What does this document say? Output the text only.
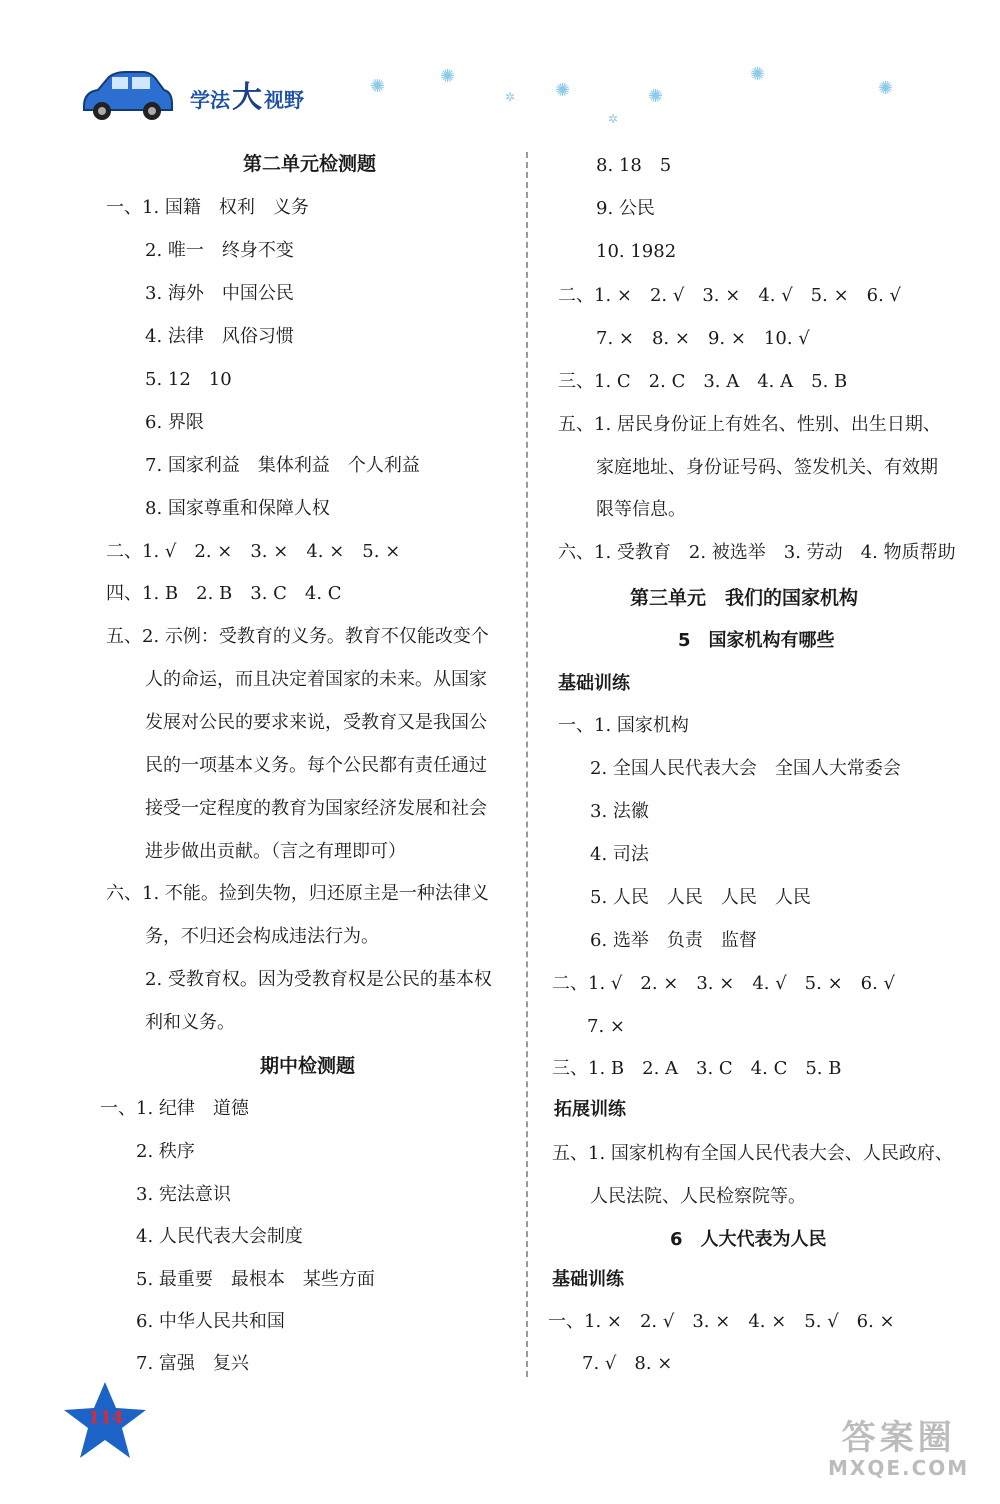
学法大 视野
✺	✺
✲ ✺	✺
✺
✺
✲
第二单元检测题
一、1. 国籍　权利　义务
2. 唯一　终身不变
3. 海外　中国公民
4. 法律　风俗习惯
5. 12　10
6. 界限
7. 国家利益　集体利益　个人利益
8. 国家尊重和保障人权
二、1. √　2. ×　3. ×　4. ×　5. ×
四、1. B　2. B　3. C　4. C
五、2. 示例：受教育的义务。教育不仅能改变个
人的命运，而且决定着国家的未来。从国家
发展对公民的要求来说，受教育又是我国公
民的一项基本义务。每个公民都有责任通过
接受一定程度的教育为国家经济发展和社会
进步做出贡献。（言之有理即可）
六、1. 不能。捡到失物，归还原主是一种法律义
务，不归还会构成违法行为。
2. 受教育权。因为受教育权是公民的基本权
利和义务。
期中检测题
一、1. 纪律　道德
2. 秩序
3. 宪法意识
4. 人民代表大会制度
5. 最重要　最根本　某些方面
6. 中华人民共和国
7. 富强　复兴
8. 18　5
9. 公民
10. 1982
二、1. ×　2. √　3. ×　4. √　5. ×　6. √
7. ×　8. ×　9. ×　10. √
三、1. C　2. C　3. A　4. A　5. B
五、1. 居民身份证上有姓名、性别、出生日期、
家庭地址、身份证号码、签发机关、有效期
限等信息。
六、1. 受教育　2. 被选举　3. 劳动　4. 物质帮助
第三单元　我们的国家机构
5　国家机构有哪些
基础训练
一、1. 国家机构
2. 全国人民代表大会　全国人大常委会
3. 法徽
4. 司法
5. 人民　人民　人民　人民
6. 选举　负责　监督
二、1. √　2. ×　3. ×　4. √　5. ×　6. √
7. ×
三、1. B　2. A　3. C　4. C　5. B
拓展训练
五、1. 国家机构有全国人民代表大会、人民政府、
人民法院、人民检察院等。
6　人大代表为人民
基础训练
一、1. ×　2. √　3. ×　4. ×　5. √　6. ×
7. √　8. ×
114	答案圈
MXQE.COM
